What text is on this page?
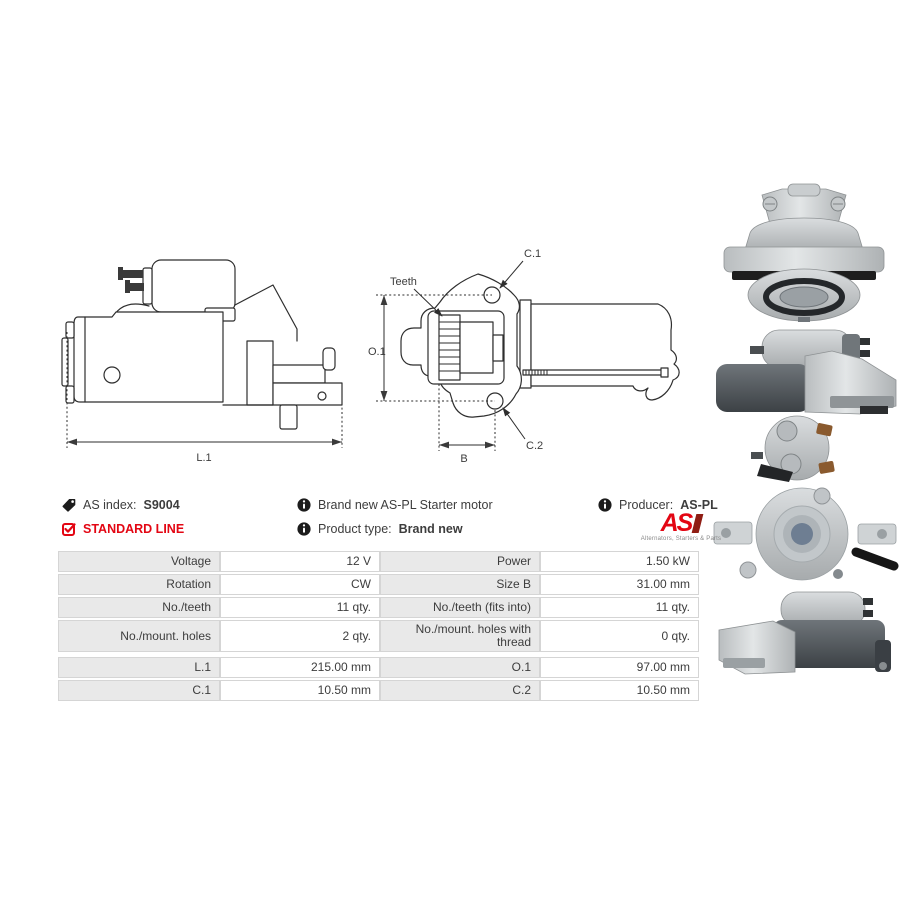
L.1
O.1
B
Teeth
C.1
C.2
AS index: S9004
STANDARD LINE
Brand new AS-PL Starter motor
Product type: Brand new
Producer: AS-PL
AS
Alternators, Starters & Parts
Voltage	12 V	Power	1.50 kW
Rotation	CW	Size B	31.00 mm
No./teeth	11 qty.	No./teeth (fits into)	11 qty.
No./mount. holes	2 qty.	No./mount. holes with thread	0 qty.
L.1	215.00 mm	O.1	97.00 mm
C.1	10.50 mm	C.2	10.50 mm
